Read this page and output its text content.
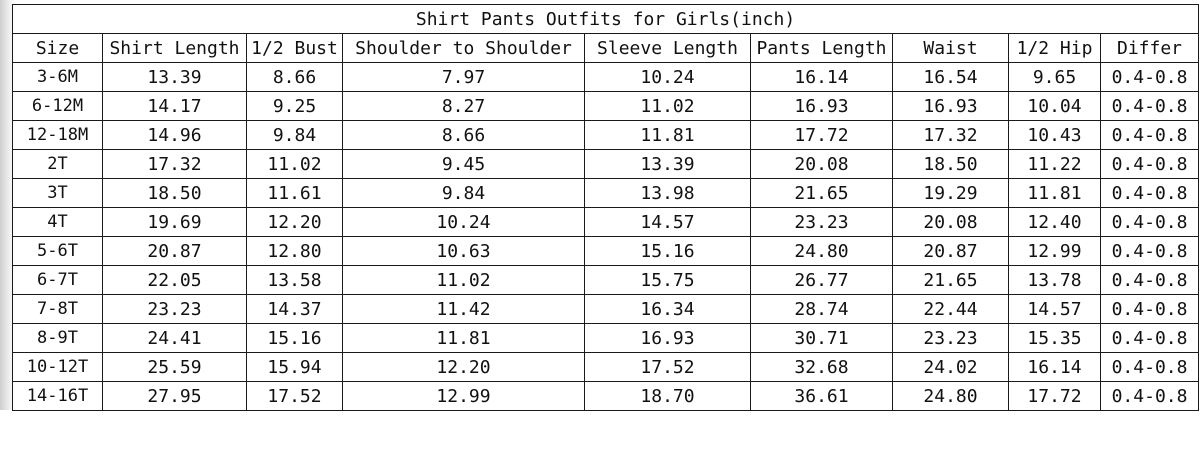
Shirt Pants Outfits for Girls(inch)								
Size	Shirt Length	1/2 Bust	Shoulder to Shoulder	Sleeve Length	Pants Length	Waist	1/2 Hip	Differ
3-6M	13.39	8.66	7.97	10.24	16.14	16.54	9.65	0.4-0.8
6-12M	14.17	9.25	8.27	11.02	16.93	16.93	10.04	0.4-0.8
12-18M	14.96	9.84	8.66	11.81	17.72	17.32	10.43	0.4-0.8
2T	17.32	11.02	9.45	13.39	20.08	18.50	11.22	0.4-0.8
3T	18.50	11.61	9.84	13.98	21.65	19.29	11.81	0.4-0.8
4T	19.69	12.20	10.24	14.57	23.23	20.08	12.40	0.4-0.8
5-6T	20.87	12.80	10.63	15.16	24.80	20.87	12.99	0.4-0.8
6-7T	22.05	13.58	11.02	15.75	26.77	21.65	13.78	0.4-0.8
7-8T	23.23	14.37	11.42	16.34	28.74	22.44	14.57	0.4-0.8
8-9T	24.41	15.16	11.81	16.93	30.71	23.23	15.35	0.4-0.8
10-12T	25.59	15.94	12.20	17.52	32.68	24.02	16.14	0.4-0.8
14-16T	27.95	17.52	12.99	18.70	36.61	24.80	17.72	0.4-0.8
